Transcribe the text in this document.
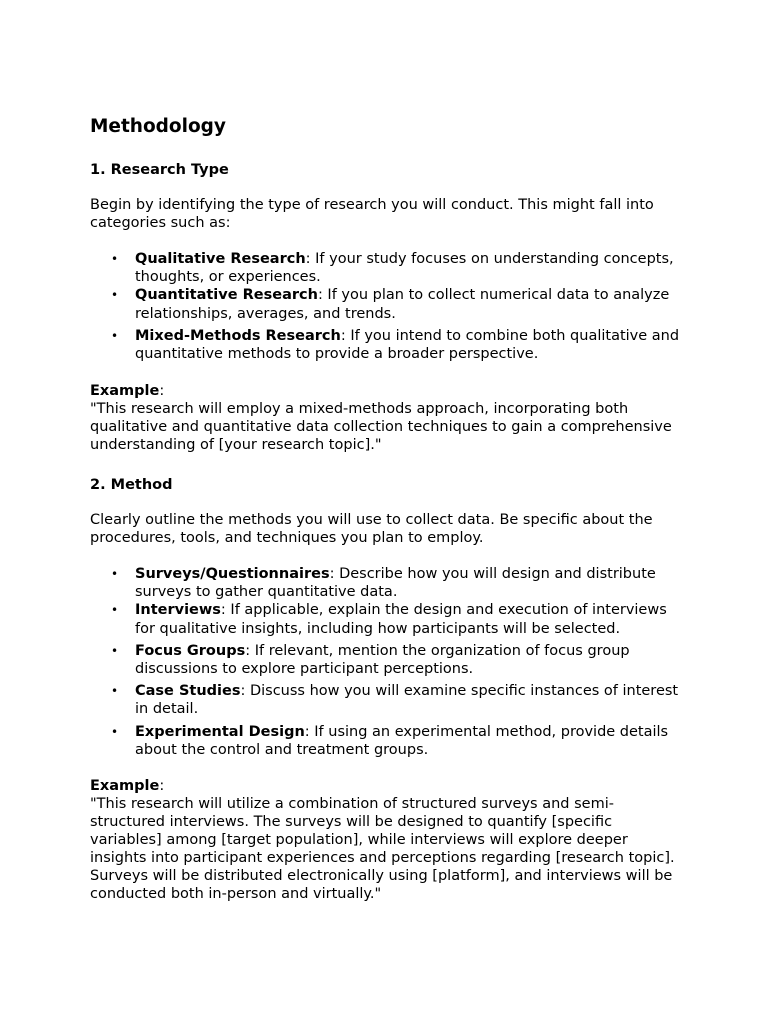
Methodology
1. Research Type

Begin by identifying the type of research you will conduct. This might fall into categories such as:

• Qualitative Research: If your study focuses on understanding concepts, thoughts, or experiences.
• Quantitative Research: If you plan to collect numerical data to analyze relationships, averages, and trends.
• Mixed-Methods Research: If you intend to combine both qualitative and quantitative methods to provide a broader perspective.

Example:
"This research will employ a mixed-methods approach, incorporating both qualitative and quantitative data collection techniques to gain a comprehensive understanding of [your research topic]."

2. Method

Clearly outline the methods you will use to collect data. Be specific about the procedures, tools, and techniques you plan to employ.

• Surveys/Questionnaires: Describe how you will design and distribute surveys to gather quantitative data.
• Interviews: If applicable, explain the design and execution of interviews for qualitative insights, including how participants will be selected.
• Focus Groups: If relevant, mention the organization of focus group discussions to explore participant perceptions.
• Case Studies: Discuss how you will examine specific instances of interest in detail.
• Experimental Design: If using an experimental method, provide details about the control and treatment groups.

Example:
"This research will utilize a combination of structured surveys and semi-structured interviews. The surveys will be designed to quantify [specific variables] among [target population], while interviews will explore deeper insights into participant experiences and perceptions regarding [research topic]. Surveys will be distributed electronically using [platform], and interviews will be conducted both in-person and virtually."
